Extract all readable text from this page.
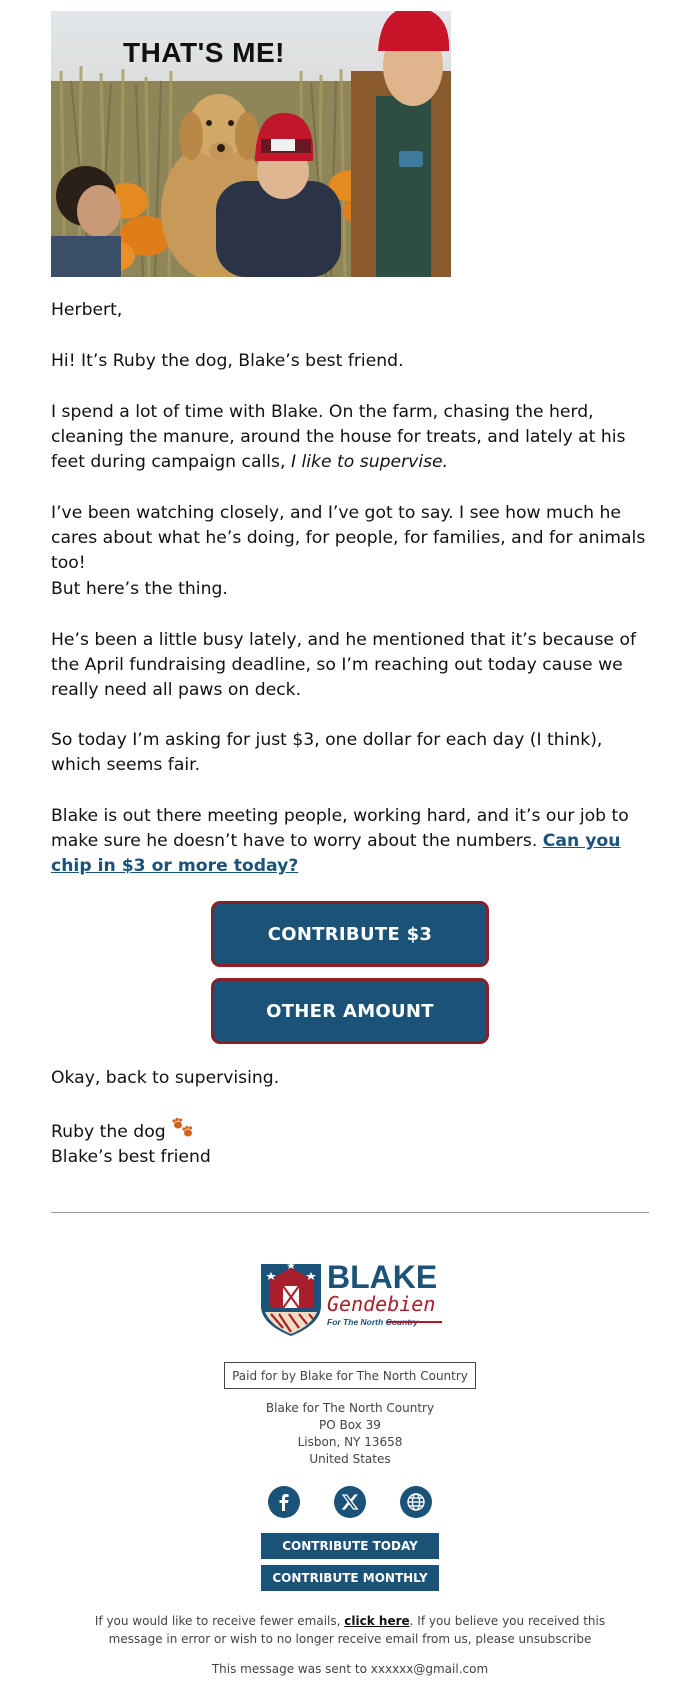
THAT'S ME!
Herbert,
Hi! It’s Ruby the dog, Blake’s best friend.
I spend a lot of time with Blake. On the farm, chasing the herd, cleaning the manure, around the house for treats, and lately at his feet during campaign calls, I like to supervise.
I’ve been watching closely, and I’ve got to say. I see how much he cares about what he’s doing, for people, for families, and for animals too!
But here’s the thing.
He’s been a little busy lately, and he mentioned that it’s because of the April fundraising deadline, so I’m reaching out today cause we really need all paws on deck.
So today I’m asking for just $3, one dollar for each day (I think), which seems fair.
Blake is out there meeting people, working hard, and it’s our job to make sure he doesn’t have to worry about the numbers. Can you chip in $3 or more today?
CONTRIBUTE $3
OTHER AMOUNT
Okay, back to supervising.
Ruby the dog
Blake’s best friend
BLAKE
Gendebien
For The North Country
Paid for by Blake for The North Country
Blake for The North Country
PO Box 39
Lisbon, NY 13658
United States
CONTRIBUTE TODAY
CONTRIBUTE MONTHLY
If you would like to receive fewer emails, click here. If you believe you received this message in error or wish to no longer receive email from us, please unsubscribe
This message was sent to xxxxxx@gmail.com
